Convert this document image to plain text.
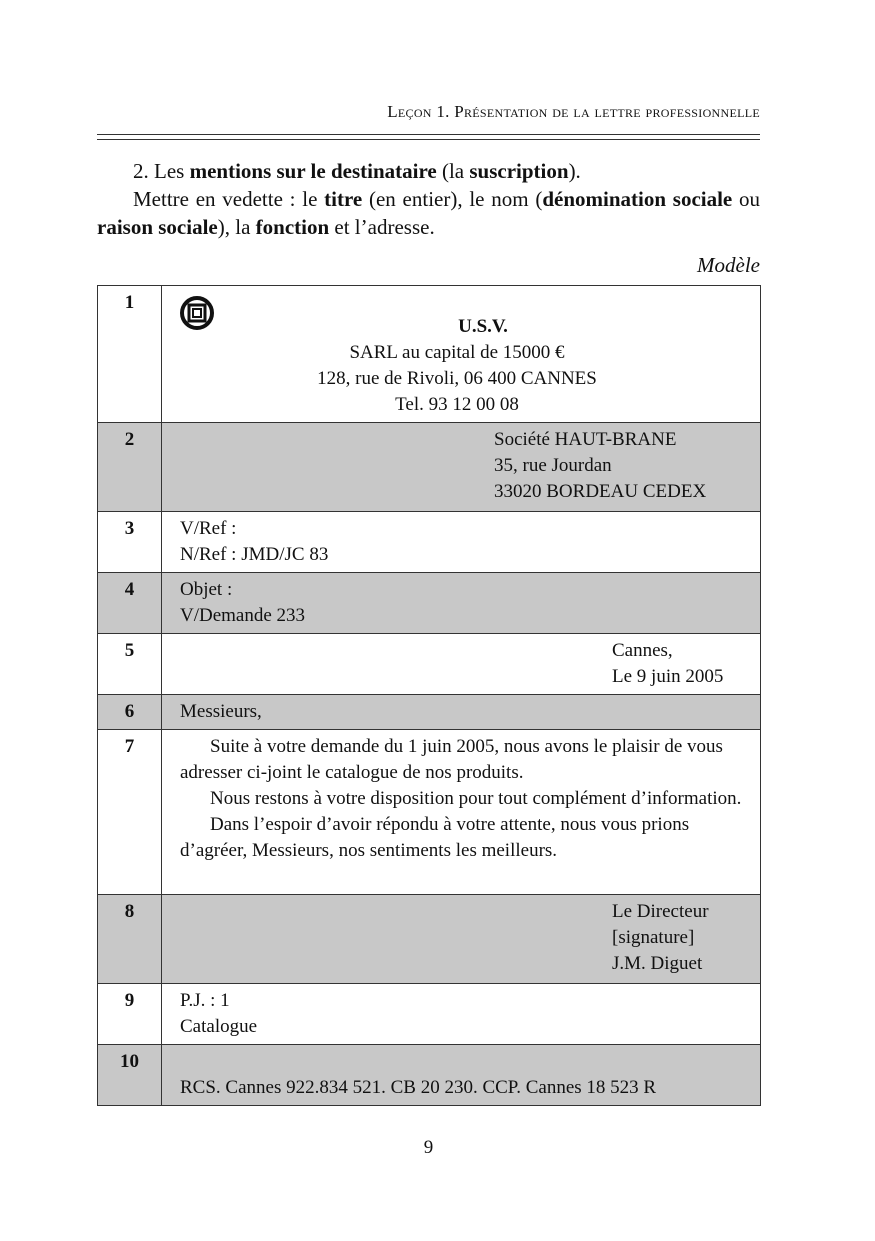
Leçon 1. Présentation de la lettre professionnelle

2. Les mentions sur le destinataire (la suscription).

Mettre en vedette : le titre (en entier), le nom (dénomination sociale ou raison sociale), la fonction et l’adresse.

Modèle
1	U.S.V.
SARL au capital de 15000 €
128, rue de Rivoli, 06 400 CANNES
Tel. 93 12 00 08

2	Société HAUT-BRANE
35, rue Jourdan
33020 BORDEAU CEDEX

3	V/Ref :
N/Ref : JMD/JC 83

4	Objet :
V/Demande 233

5	Cannes,
Le 9 juin 2005

6	Messieurs,
7	Suite à votre demande du 1 juin 2005, nous avons le plaisir de vous adresser ci-joint le catalogue de nos produits.
Nous restons à votre disposition pour tout complément d’information.
Dans l’espoir d’avoir répondu à votre attente, nous vous prions d’agréer, Messieurs, nos sentiments les meilleurs.

8	Le Directeur
[signature]
J.M. Diguet

9	P.J. : 1
Catalogue

10	RCS. Cannes 922.834 521. CB 20 230. CCP. Cannes 18 523 R
9
